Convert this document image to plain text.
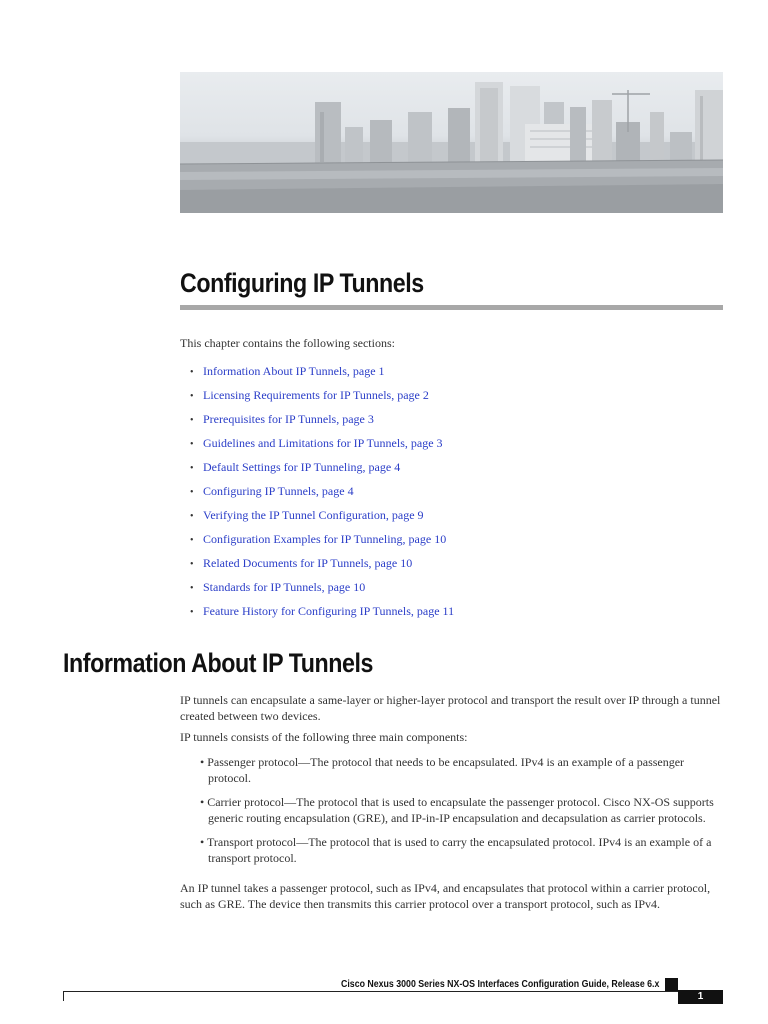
Configuring IP Tunnels

This chapter contains the following sections:

• Information About IP Tunnels, page 1
• Licensing Requirements for IP Tunnels, page 2
• Prerequisites for IP Tunnels, page 3
• Guidelines and Limitations for IP Tunnels, page 3
• Default Settings for IP Tunneling, page 4
• Configuring IP Tunnels, page 4
• Verifying the IP Tunnel Configuration, page 9
• Configuration Examples for IP Tunneling, page 10
• Related Documents for IP Tunnels, page 10
• Standards for IP Tunnels, page 10
• Feature History for Configuring IP Tunnels, page 11
Information About IP Tunnels

IP tunnels can encapsulate a same-layer or higher-layer protocol and transport the result over IP through a tunnel created between two devices.

IP tunnels consists of the following three main components:

• Passenger protocol—The protocol that needs to be encapsulated. IPv4 is an example of a passenger protocol.
• Carrier protocol—The protocol that is used to encapsulate the passenger protocol. Cisco NX-OS supports generic routing encapsulation (GRE), and IP-in-IP encapsulation and decapsulation as carrier protocols.
• Transport protocol—The protocol that is used to carry the encapsulated protocol. IPv4 is an example of a transport protocol.

An IP tunnel takes a passenger protocol, such as IPv4, and encapsulates that protocol within a carrier protocol, such as GRE. The device then transmits this carrier protocol over a transport protocol, such as IPv4.

Cisco Nexus 3000 Series NX-OS Interfaces Configuration Guide, Release 6.x
1
